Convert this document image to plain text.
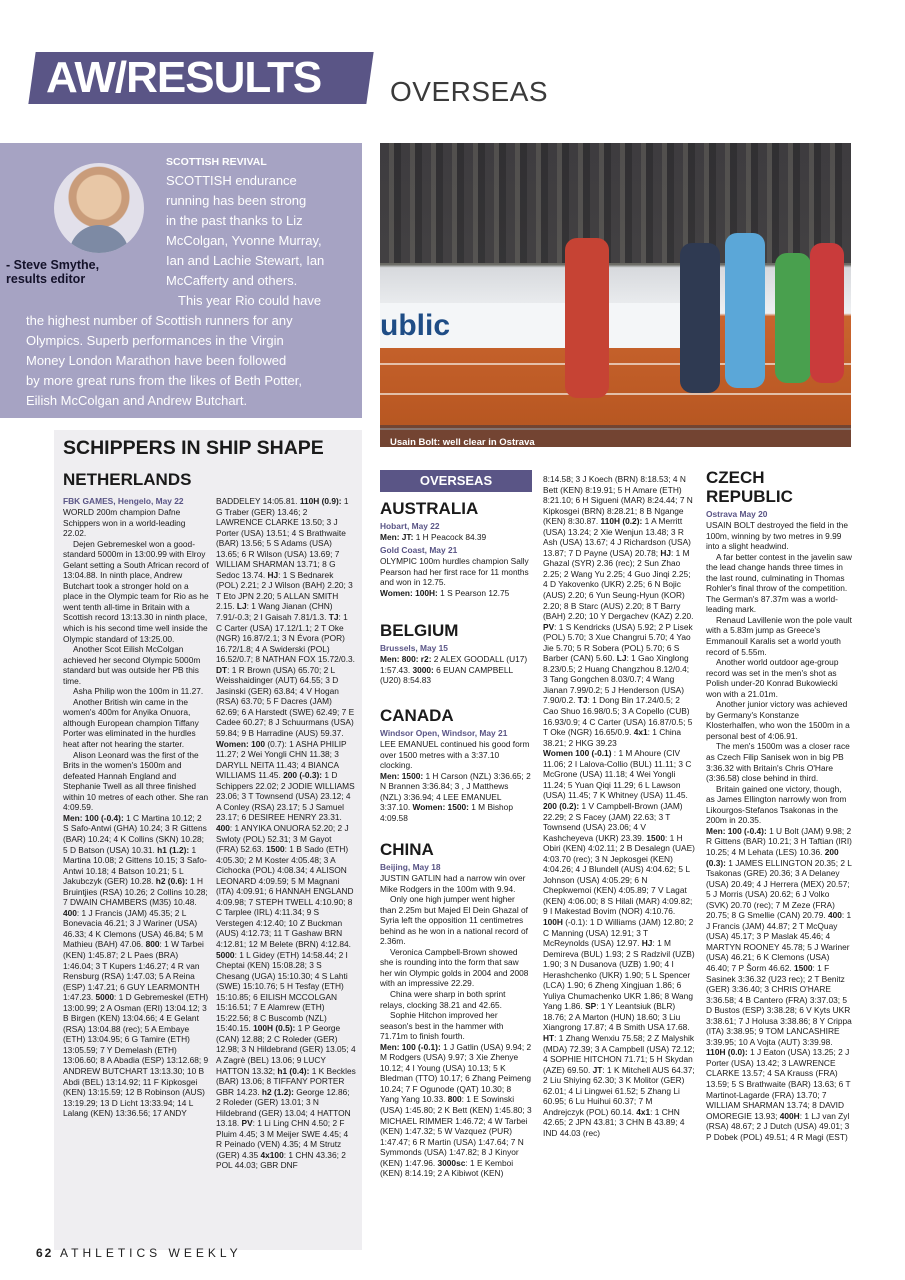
AW/RESULTS OVERSEAS
SCOTTISH REVIVAL
- Steve Smythe,
results editor
SCOTTISH endurance
running has been strong
in the past thanks to Liz
McColgan, Yvonne Murray,
Ian and Lachie Stewart, Ian
McCafferty and others.
This year Rio could have
the highest number of Scottish runners for any
Olympics. Superb performances in the Virgin
Money London Marathon have been followed
by more great runs from the likes of Beth Potter,
Eilish McColgan and Andrew Butchart.
ublic
Usain Bolt: well clear in Ostrava
SCHIPPERS IN SHIP SHAPE
NETHERLANDS
FBK GAMES, Hengelo, May 22

WORLD 200m champion Dafne Schippers won in a world-leading 22.02.

Dejen Gebremeskel won a good-standard 5000m in 13:00.99 with Elroy Gelant setting a South African record of 13:04.88. In ninth place, Andrew Butchart took a stronger hold on a place in the Olympic team for Rio as he went tenth all-time in Britain with a Scottish record 13:13.30 in ninth place, which is his second time well inside the Olympic standard of 13:25.00.

Another Scot Eilish McColgan achieved her second Olympic 5000m standard but was outside her PB this time.

Asha Philip won the 100m in 11.27.

Another British win came in the women's 400m for Anyika Onuora, although European champion Tiffany Porter was eliminated in the hurdles heat after not hearing the starter.

Alison Leonard was the first of the Brits in the women's 1500m and defeated Hannah England and Stephanie Twell as all three finished within 10 metres of each other. She ran 4:09.59.

Men: 100 (-0.4): 1 C Martina 10.12; 2 S Safo-Antwi (GHA) 10.24; 3 R Gittens (BAR) 10.24; 4 K Collins (SKN) 10.28; 5 D Batson (USA) 10.31. h1 (1.2): 1 Martina 10.08; 2 Gittens 10.15; 3 Safo-Antwi 10.18; 4 Batson 10.21; 5 L Jakubczyk (GER) 10.28. h2 (0.6): 1 H Bruintjies (RSA) 10.26; 2 Collins 10.28; 7 DWAIN CHAMBERS (M35) 10.48. 400: 1 J Francis (JAM) 45.35; 2 L Bonevacia 46.21; 3 J Wariner (USA) 46.33; 4 K Clemons (USA) 46.84; 5 M Mathieu (BAH) 47.06. 800: 1 W Tarbei (KEN) 1:45.87; 2 L Paes (BRA) 1:46.04; 3 T Kupers 1:46.27; 4 R van Rensburg (RSA) 1:47.03; 5 A Reina (ESP) 1:47.21; 6 GUY LEARMONTH 1:47.23. 5000: 1 D Gebremeskel (ETH) 13:00.99; 2 A Osman (ERI) 13:04.12; 3 B Birgen (KEN) 13:04.66; 4 E Gelant (RSA) 13:04.88 (rec); 5 A Embaye (ETH) 13:04.95; 6 G Tamire (ETH) 13:05.59; 7 Y Demelash (ETH) 13:06.60; 8 A Abadia (ESP) 13:12.68; 9 ANDREW BUTCHART 13:13.30; 10 B Abdi (BEL) 13:14.92; 11 F Kipkosgei (KEN) 13:15.59; 12 B Robinson (AUS) 13:19.29; 13 D Licht 13:33.94; 14 L Lalang (KEN) 13:36.56; 17 ANDY

BADDELEY 14:05.81. 110H (0.9): 1 G Traber (GER) 13.46; 2 LAWRENCE CLARKE 13.50; 3 J Porter (USA) 13.51; 4 S Brathwaite (BAR) 13.56; 5 S Adams (USA) 13.65; 6 R Wilson (USA) 13.69; 7 WILLIAM SHARMAN 13.71; 8 G Sedoc 13.74. HJ: 1 S Bednarek (POL) 2.21; 2 J Wilson (BAH) 2.20; 3 T Eto JPN 2.20; 5 ALLAN SMITH 2.15. LJ: 1 Wang Jianan (CHN) 7.91/-0.3; 2 I Gaisah 7.81/1.3. TJ: 1 C Carter (USA) 17.12/1.1; 2 T Oke (NGR) 16.87/2.1; 3 N Évora (POR) 16.72/1.8; 4 A Swiderski (POL) 16.52/0.7; 8 NATHAN FOX 15.72/0.3. DT: 1 R Brown (USA) 65.70; 2 L Weisshaidinger (AUT) 64.55; 3 D Jasinski (GER) 63.84; 4 V Hogan (RSA) 63.70; 5 F Dacres (JAM) 62.69; 6 A Harstedt (SWE) 62.49; 7 E Cadee 60.27; 8 J Schuurmans (USA) 59.84; 9 B Harradine (AUS) 59.37. Women: 100 (0.7): 1 ASHA PHILIP 11.27; 2 Wei Yongli CHN 11.38; 3 DARYLL NEITA 11.43; 4 BIANCA WILLIAMS 11.45. 200 (-0.3): 1 D Schippers 22.02; 2 JODIE WILLIAMS 23.06; 3 T Townsend (USA) 23.12; 4 A Conley (RSA) 23.17; 5 J Samuel 23.17; 6 DESIREE HENRY 23.31. 400: 1 ANYIKA ONUORA 52.20; 2 J Swloty (POL) 52.31; 3 M Gayot (FRA) 52.63. 1500: 1 B Sado (ETH) 4:05.30; 2 M Koster 4:05.48; 3 A Cichocka (POL) 4:08.34; 4 ALISON LEONARD 4:09.59; 5 M Magnani (ITA) 4:09.91; 6 HANNAH ENGLAND 4:09.98; 7 STEPH TWELL 4:10.90; 8 C Tarplee (IRL) 4:11.34; 9 S Verstegen 4:12.40; 10 Z Buckman (AUS) 4:12.73; 11 T Gashaw BRN 4:12.81; 12 M Belete (BRN) 4:12.84. 5000: 1 L Gidey (ETH) 14:58.44; 2 I Cheptai (KEN) 15:08.28; 3 S Chesang (UGA) 15:10.30; 4 S Lahti (SWE) 15:10.76; 5 H Tesfay (ETH) 15:10.85; 6 EILISH MCCOLGAN 15:16.51; 7 E Alamrew (ETH) 15:22.56; 8 C Buscomb (NZL) 15:40.15. 100H (0.5): 1 P George (CAN) 12.88; 2 C Roleder (GER) 12.98; 3 N Hildebrand (GER) 13.05; 4 A Zagrè (BEL) 13.06; 9 LUCY HATTON 13.32; h1 (0.4): 1 K Beckles (BAR) 13.06; 8 TIFFANY PORTER GBR 14.23. h2 (1.2): George 12.86; 2 Roleder (GER) 13.01; 3 N Hildebrand (GER) 13.04; 4 HATTON 13.18. PV: 1 Li Ling CHN 4.50; 2 F Pluim 4.45; 3 M Meijer SWE 4.45; 4 R Peinado (VEN) 4.35; 4 M Strutz (GER) 4.35 4x100: 1 CHN 43.36; 2 POL 44.03; GBR DNF

OVERSEAS
AUSTRALIA
Hobart, May 22

Men: JT: 1 H Peacock 84.39

Gold Coast, May 21

OLYMPIC 100m hurdles champion Sally Pearson had her first race for 11 months and won in 12.75.

Women: 100H: 1 S Pearson 12.75

BELGIUM
Brussels, May 15

Men: 800: r2: 2 ALEX GOODALL (U17) 1:57.43. 3000: 6 EUAN CAMPBELL (U20) 8:54.83

CANADA
Windsor Open, Windsor, May 21

LEE EMANUEL continued his good form over 1500 metres with a 3:37.10 clocking.

Men: 1500: 1 H Carson (NZL) 3:36.65; 2 N Brannen 3:36.84; 3 , J Matthews (NZL) 3:36.94; 4 LEE EMANUEL 3:37.10. Women: 1500: 1 M Bishop 4:09.58

CHINA
Beijing, May 18

JUSTIN GATLIN had a narrow win over Mike Rodgers in the 100m with 9.94.

Only one high jumper went higher than 2.25m but Majed El Dein Ghazal of Syria left the opposition 11 centimetres behind as he won in a national record of 2.36m.

Veronica Campbell-Brown showed she is rounding into the form that saw her win Olympic golds in 2004 and 2008 with an impressive 22.29.

China were sharp in both sprint relays, clocking 38.21 and 42.65.

Sophie Hitchon improved her season's best in the hammer with 71.71m to finish fourth.

Men: 100 (-0.1): 1 J Gatlin (USA) 9.94; 2 M Rodgers (USA) 9.97; 3 Xie Zhenye 10.12; 4 I Young (USA) 10.13; 5 K Bledman (TTO) 10.17; 6 Zhang Peimeng 10.24; 7 F Ogunode (QAT) 10.30; 8 Yang Yang 10.33. 800: 1 E Sowinski (USA) 1:45.80; 2 K Bett (KEN) 1:45.80; 3 MICHAEL RIMMER 1:46.72; 4 W Tarbei (KEN) 1:47.32; 5 W Vazquez (PUR) 1:47.47; 6 R Martin (USA) 1:47.64; 7 N Symmonds (USA) 1:47.82; 8 J Kinyor (KEN) 1:47.96. 3000sc: 1 E Kemboi (KEN) 8:14.19; 2 A Kibiwot (KEN)

8:14.58; 3 J Koech (BRN) 8:18.53; 4 N Bett (KEN) 8:19.91; 5 H Amare (ETH) 8:21.10; 6 H Sigueni (MAR) 8:24.44; 7 N Kipkosgei (BRN) 8:28.21; 8 B Ngange (KEN) 8:30.87. 110H (0.2): 1 A Merritt (USA) 13.24; 2 Xie Wenjun 13.48; 3 R Ash (USA) 13.67; 4 J Richardson (USA) 13.87; 7 D Payne (USA) 20.78; HJ: 1 M Ghazal (SYR) 2.36 (rec); 2 Sun Zhao 2.25; 2 Wang Yu 2.25; 4 Guo Jinqi 2.25; 4 D Yakovenko (UKR) 2.25; 6 N Bojic (AUS) 2.20; 6 Yun Seung-Hyun (KOR) 2.20; 8 B Starc (AUS) 2.20; 8 T Barry (BAH) 2.20; 10 Y Dergachev (KAZ) 2.20. PV: 1 S Kendricks (USA) 5.92; 2 P Lisek (POL) 5.70; 3 Xue Changrui 5.70; 4 Yao Jie 5.70; 5 R Sobera (POL) 5.70; 6 S Barber (CAN) 5.60. LJ: 1 Gao Xinglong 8.23/0.5; 2 Huang Changzhou 8.12/0.4; 3 Tang Gongchen 8.03/0.7; 4 Wang Jianan 7.99/0.2; 5 J Henderson (USA) 7.90/0.2. TJ: 1 Dong Bin 17.24/0.5; 2 Cao Shuo 16.98/0.5; 3 A Copello (CUB) 16.93/0.9; 4 C Carter (USA) 16.87/0.5; 5 T Oke (NGR) 16.65/0.9. 4x1: 1 China 38.21; 2 HKG 39.23

Women 100 (-0.1) : 1 M Ahoure (CIV 11.06; 2 I Lalova-Collio (BUL) 11.11; 3 C McGrone (USA) 11.18; 4 Wei Yongli 11.24; 5 Yuan Qiqi 11.29; 6 L Lawson (USA) 11.45; 7 K Whitney (USA) 11.45. 200 (0.2): 1 V Campbell-Brown (JAM) 22.29; 2 S Facey (JAM) 22.63; 3 T Townsend (USA) 23.06; 4 V Kashcheyeva (UKR) 23.39. 1500: 1 H Obiri (KEN) 4:02.11; 2 B Desalegn (UAE) 4:03.70 (rec); 3 N Jepkosgei (KEN) 4:04.26; 4 J Blundell (AUS) 4:04.62; 5 L Johnson (USA) 4:05.29; 6 N Chepkwemoi (KEN) 4:05.89; 7 V Lagat (KEN) 4:06.00; 8 S Hilali (MAR) 4:09.82; 9 I Makestad Bovim (NOR) 4:10.76. 100H (-0.1): 1 D Williams (JAM) 12.80; 2 C Manning (USA) 12.91; 3 T McReynolds (USA) 12.97. HJ: 1 M Demireva (BUL) 1.93; 2 S Radzivil (UZB) 1.90; 3 N Dusanova (UZB) 1.90; 4 I Herashchenko (UKR) 1.90; 5 L Spencer (LCA) 1.90; 6 Zheng Xingjuan 1.86; 6 Yuliya Chumachenko UKR 1.86; 8 Wang Yang 1.86. SP: 1 Y Leantsiuk (BLR) 18.76; 2 A Marton (HUN) 18.60; 3 Liu Xiangrong 17.87; 4 B Smith USA 17.68. HT: 1 Zhang Wenxiu 75.58; 2 Z Malyshik (MDA) 72.39; 3 A Campbell (USA) 72.12; 4 SOPHIE HITCHON 71.71; 5 H Skydan (AZE) 69.50. JT: 1 K Mitchell AUS 64.37; 2 Liu Shiying 62.30; 3 K Molitor (GER) 62.01; 4 Li Lingwei 61.52; 5 Zhang Li 60.95; 6 Lu Huihui 60.37; 7 M Andrejczyk (POL) 60.14. 4x1: 1 CHN 42.65; 2 JPN 43.81; 3 CHN B 43.89; 4 IND 44.03 (rec)

CZECH
REPUBLIC
Ostrava May 20

USAIN BOLT destroyed the field in the 100m, winning by two metres in 9.99 into a slight headwind.

A far better contest in the javelin saw the lead change hands three times in the last round, culminating in Thomas Rohler's final throw of the competition. The German's 87.37m was a world-leading mark.

Renaud Lavillenie won the pole vault with a 5.83m jump as Greece's Emmanouil Karalis set a world youth record of 5.55m.

Another world outdoor age-group record was set in the men's shot as Polish under-20 Konrad Bukowiecki won with a 21.01m.

Another junior victory was achieved by Germany's Konstanze Klosterhalfen, who won the 1500m in a personal best of 4:06.91.

The men's 1500m was a closer race as Czech Filip Sanisek won in big PB 3:36.32 with Britain's Chris O'Hare (3:36.58) close behind in third.

Britain gained one victory, though, as James Ellington narrowly won from Likourgos-Stefanos Tsakonas in the 200m in 20.35.

Men: 100 (-0.4): 1 U Bolt (JAM) 9.98; 2 R Gittens (BAR) 10.21; 3 H Taftian (IRI) 10.25; 4 M Lehata (LES) 10.36. 200 (0.3): 1 JAMES ELLINGTON 20.35; 2 L Tsakonas (GRE) 20.36; 3 A Delaney (USA) 20.49; 4 J Herrera (MEX) 20.57; 5 J Morris (USA) 20.62; 6 J Volko (SVK) 20.70 (rec); 7 M Zeze (FRA) 20.75; 8 G Smellie (CAN) 20.79. 400: 1 J Francis (JAM) 44.87; 2 T McQuay (USA) 45.17; 3 P Maslak 45.46; 4 MARTYN ROONEY 45.78; 5 J Wariner (USA) 46.21; 6 K Clemons (USA) 46.40; 7 P Šorm 46.62. 1500: 1 F Sasinek 3:36.32 (U23 rec); 2 T Benitz (GER) 3:36.40; 3 CHRIS O'HARE 3:36.58; 4 B Cantero (FRA) 3:37.03; 5 D Bustos (ESP) 3:38.28; 6 V Kyts UKR 3:38.61; 7 J Holusa 3:38.86; 8 Y Crippa (ITA) 3:38.95; 9 TOM LANCASHIRE 3:39.95; 10 A Vojta (AUT) 3:39.98. 110H (0.0): 1 J Eaton (USA) 13.25; 2 J Porter (USA) 13.42; 3 LAWRENCE CLARKE 13.57; 4 SA Krauss (FRA) 13.59; 5 S Brathwaite (BAR) 13.63; 6 T Martinot-Lagarde (FRA) 13.70; 7 WILLIAM SHARMAN 13.74; 8 DAVID OMOREGIE 13.93; 400H: 1 LJ van Zyl (RSA) 48.67; 2 J Dutch (USA) 49.01; 3 P Dobek (POL) 49.51; 4 R Magi (EST)

62 ATHLETICS WEEKLY
